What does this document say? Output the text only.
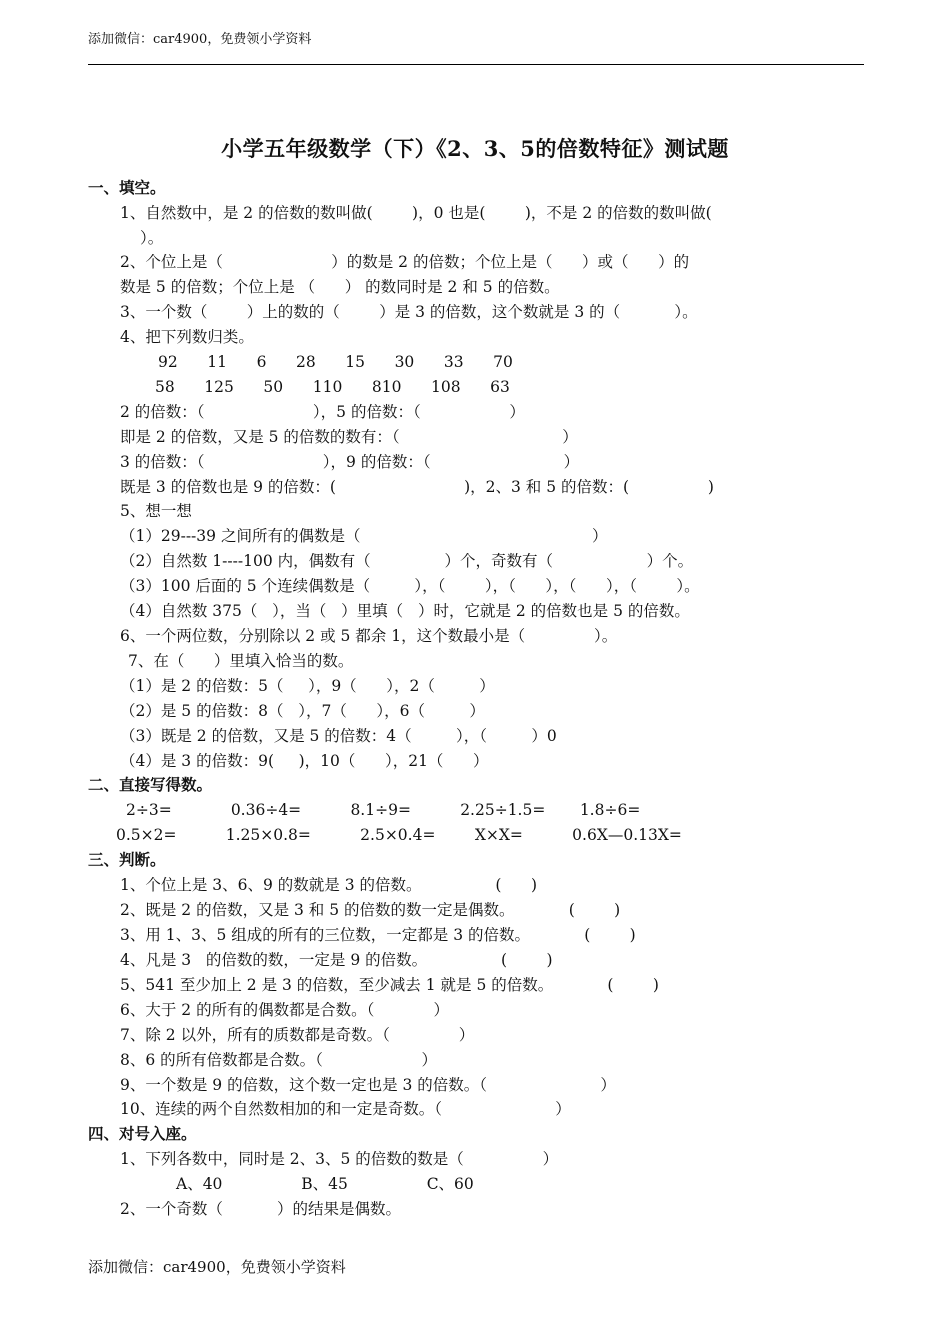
添加微信：car4900，免费领小学资料
小学五年级数学（下）《2、3、5的倍数特征》测试题
一、填空。
1、自然数中，是 2 的倍数的数叫做(        )，0 也是(        )，不是 2 的倍数的数叫做(
）。
2、个位上是（                      ）的数是 2 的倍数；个位上是（      ）或（      ）的
数是 5 的倍数；个位上是 （      ） 的数同时是 2 和 5 的倍数。
3、一个数（        ）上的数的（        ）是 3 的倍数，这个数就是 3 的（           ）。
4、把下列数归类。
92      11      6      28      15      30      33      70
58      125      50      110      810      108      63
2 的倍数：（                      ），5 的倍数：（                  ）
即是 2 的倍数，又是 5 的倍数的数有：（                                 ）
3 的倍数：（                        ），9 的倍数：（                           ）
既是 3 的倍数也是 9 的倍数：(                          )，2、3 和 5 的倍数：(                )
5、想一想
（1）29---39 之间所有的偶数是（                                               ）
（2）自然数 1----100 内，偶数有（               ）个，奇数有（                   ）个。
（3）100 后面的 5 个连续偶数是（         ），（        ），（      ），（      ），（        ）。
（4）自然数 375（   ），当（   ）里填（   ）时，它就是 2 的倍数也是 5 的倍数。
6、一个两位数，分别除以 2 或 5 都余 1，这个数最小是（              ）。
7、在（      ）里填入恰当的数。
（1）是 2 的倍数：5（     ），9（      ），2（         ）
（2）是 5 的倍数：8（   ），7（      ），6（         ）
（3）既是 2 的倍数，又是 5 的倍数：4（         ），（         ）0
（4）是 3 的倍数：9(     )，10（      ），21（      ）
二、直接写得数。
2÷3=            0.36÷4=          8.1÷9=          2.25÷1.5=       1.8÷6=
0.5×2=          1.25×0.8=          2.5×0.4=        X×X=          0.6X—0.13X=
三、判断。
1、个位上是 3、6、9 的数就是 3 的倍数。               (      )
2、既是 2 的倍数，又是 3 和 5 的倍数的数一定是偶数。           (        )
3、用 1、3、5 组成的所有的三位数，一定都是 3 的倍数。           (        )
4、凡是 3   的倍数的数，一定是 9 的倍数。               (        )
5、541 至少加上 2 是 3 的倍数，至少减去 1 就是 5 的倍数。           (        )
6、大于 2 的所有的偶数都是合数。（            ）
7、除 2 以外，所有的质数都是奇数。（              ）
8、6 的所有倍数都是合数。（                    ）
9、一个数是 9 的倍数，这个数一定也是 3 的倍数。（                       ）
10、连续的两个自然数相加的和一定是奇数。（                       ）
四、对号入座。
1、下列各数中，同时是 2、3、5 的倍数的数是（                ）
A、40                B、45                C、60
2、一个奇数（           ）的结果是偶数。
添加微信：car4900，免费领小学资料
